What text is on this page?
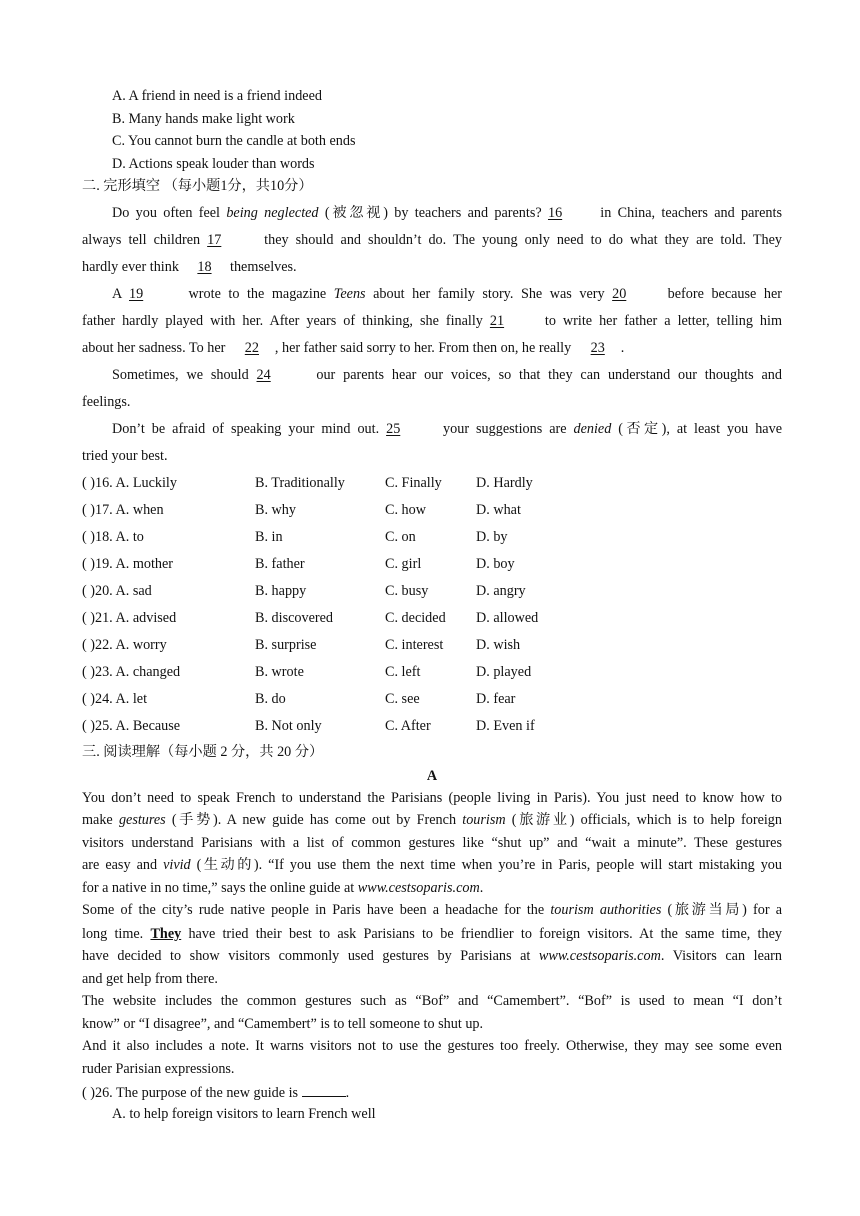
A. A friend in need is a friend indeed
B. Many hands make light work
C. You cannot burn the candle at both ends
D. Actions speak louder than words
二. 完形填空 （每小题1分，共10分）
Do you often feel being neglected (被忽视) by teachers and parents? 16 in China, teachers and parents
always tell children 17	they should and shouldn’t do. The young only need to do what they are told. They
hardly ever think 18 themselves.
A 19	wrote to the magazine Teens about her family story. She was very 20 before because her
father hardly played with her. After years of thinking, she finally 21 to write her father a letter, telling him
about her sadness. To her 22 , her father said sorry to her. From then on, he really 23 .
Sometimes, we should 24	our parents hear our voices, so that they can understand our thoughts and
feelings.
Don’t be afraid of speaking your mind out. 25	your suggestions are denied (否定), at least you have
tried your best.
( )16. A. Luckily	B. Traditionally	C. Finally D. Hardly
( )17. A. when	B. why	C. how	D. what
( )18. A. to	B. in	C. on	D. by
( )19. A. mother	B. father	C. girl	D. boy
( )20. A. sad	B. happy	C. busy	D. angry
( )21. A. advised	B. discovered	C. decided D. allowed
( )22. A. worry	B. surprise	C. interest D. wish
( )23. A. changed	B. wrote	C. left	D. played
( )24. A. let	B. do	C. see	D. fear
( )25. A. Because	B. Not only	C. After	D. Even if
三. 阅读理解（每小题 2 分，共 20 分）
A
You don’t need to speak French to understand the Parisians (people living in Paris). You just need to know how to
make gestures (手势). A new guide has come out by French tourism (旅游业) officials, which is to help foreign
visitors understand Parisians with a list of common gestures like “shut up” and “wait a minute”. These gestures
are easy and vivid (生动的). “If you use them the next time when you’re in Paris, people will start mistaking you
for a native in no time,” says the online guide at www.cestsoparis.com.
Some of the city’s rude native people in Paris have been a headache for the tourism authorities (旅游当局) for a
long time. They have tried their best to ask Parisians to be friendlier to foreign visitors. At the same time, they
have decided to show visitors commonly used gestures by Parisians at www.cestsoparis.com. Visitors can learn
and get help from there.
The website includes the common gestures such as “Bof” and “Camembert”. “Bof” is used to mean “I don’t
know” or “I disagree”, and “Camembert” is to tell someone to shut up.
And it also includes a note. It warns visitors not to use the gestures too freely. Otherwise, they may see some even
ruder Parisian expressions.
( )26. The purpose of the new guide is	.
A. to help foreign visitors to learn French well
